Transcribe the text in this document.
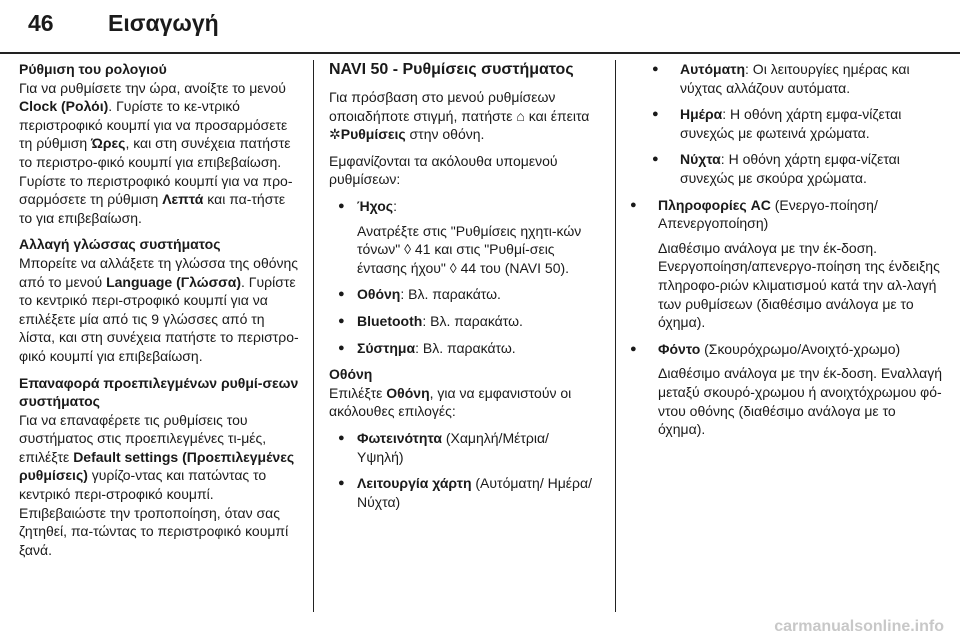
46 Εισαγωγή

Ρύθμιση του ρολογιού

Για να ρυθμίσετε την ώρα, ανοίξτε το μενού Clock (Ρολόι). Γυρίστε το κε-ντρικό περιστροφικό κουμπί για να προσαρμόσετε τη ρύθμιση Ώρες, και στη συνέχεια πατήστε το περιστρο-φικό κουμπί για επιβεβαίωση. Γυρίστε το περιστροφικό κουμπί για να προ-σαρμόσετε τη ρύθμιση Λεπτά και πα-τήστε το για επιβεβαίωση.

Αλλαγή γλώσσας συστήματος

Μπορείτε να αλλάξετε τη γλώσσα της οθόνης από το μενού Language (Γλώσσα). Γυρίστε το κεντρικό περι-στροφικό κουμπί για να επιλέξετε μία από τις 9 γλώσσες από τη λίστα, και στη συνέχεια πατήστε το περιστρο-φικό κουμπί για επιβεβαίωση.

Επαναφορά προεπιλεγμένων ρυθμί-σεων συστήματος

Για να επαναφέρετε τις ρυθμίσεις του συστήματος στις προεπιλεγμένες τι-μές, επιλέξτε Default settings (Προεπιλεγμένες ρυθμίσεις) γυρίζο-ντας και πατώντας το κεντρικό περι-στροφικό κουμπί. Επιβεβαιώστε την τροποποίηση, όταν σας ζητηθεί, πα-τώντας το περιστροφικό κουμπί ξανά.

NAVI 50 - Ρυθμίσεις συστήματος

Για πρόσβαση στο μενού ρυθμίσεων οποιαδήποτε στιγμή, πατήστε ⌂ και έπειτα ✲Ρυθμίσεις στην οθόνη.

Εμφανίζονται τα ακόλουθα υπομενού ρυθμίσεων:

● Ήχος:
Ανατρέξτε στις "Ρυθμίσεις ηχητι-κών τόνων" ◊ 41 και στις "Ρυθμί-σεις έντασης ήχου" ◊ 44 του (NAVI 50).
● Οθόνη: Βλ. παρακάτω.
● Bluetooth: Βλ. παρακάτω.
● Σύστημα: Βλ. παρακάτω.

Οθόνη

Επιλέξτε Οθόνη, για να εμφανιστούν οι ακόλουθες επιλογές:

● Φωτεινότητα (Χαμηλή/Μέτρια/ Υψηλή)
● Λειτουργία χάρτη (Αυτόματη/ Ημέρα/Νύχτα)
● Αυτόματη: Οι λειτουργίες ημέρας και νύχτας αλλάζουν αυτόματα.
● Ημέρα: Η οθόνη χάρτη εμφα-νίζεται συνεχώς με φωτεινά χρώματα.
● Νύχτα: Η οθόνη χάρτη εμφα-νίζεται συνεχώς με σκούρα χρώματα.
● Πληροφορίες AC (Ενεργο-ποίηση/Απενεργοποίηση)
Διαθέσιμο ανάλογα με την έκ-δοση. Ενεργοποίηση/απενεργο-ποίηση της ένδειξης πληροφο-ριών κλιματισμού κατά την αλ-λαγή των ρυθμίσεων (διαθέσιμο ανάλογα με το όχημα).
● Φόντο (Σκουρόχρωμο/Ανοιχτό-χρωμο)
Διαθέσιμο ανάλογα με την έκ-δοση. Εναλλαγή μεταξύ σκουρό-χρωμου ή ανοιχτόχρωμου φό-ντου οθόνης (διαθέσιμο ανάλογα με το όχημα).
carmanualsonline.info
